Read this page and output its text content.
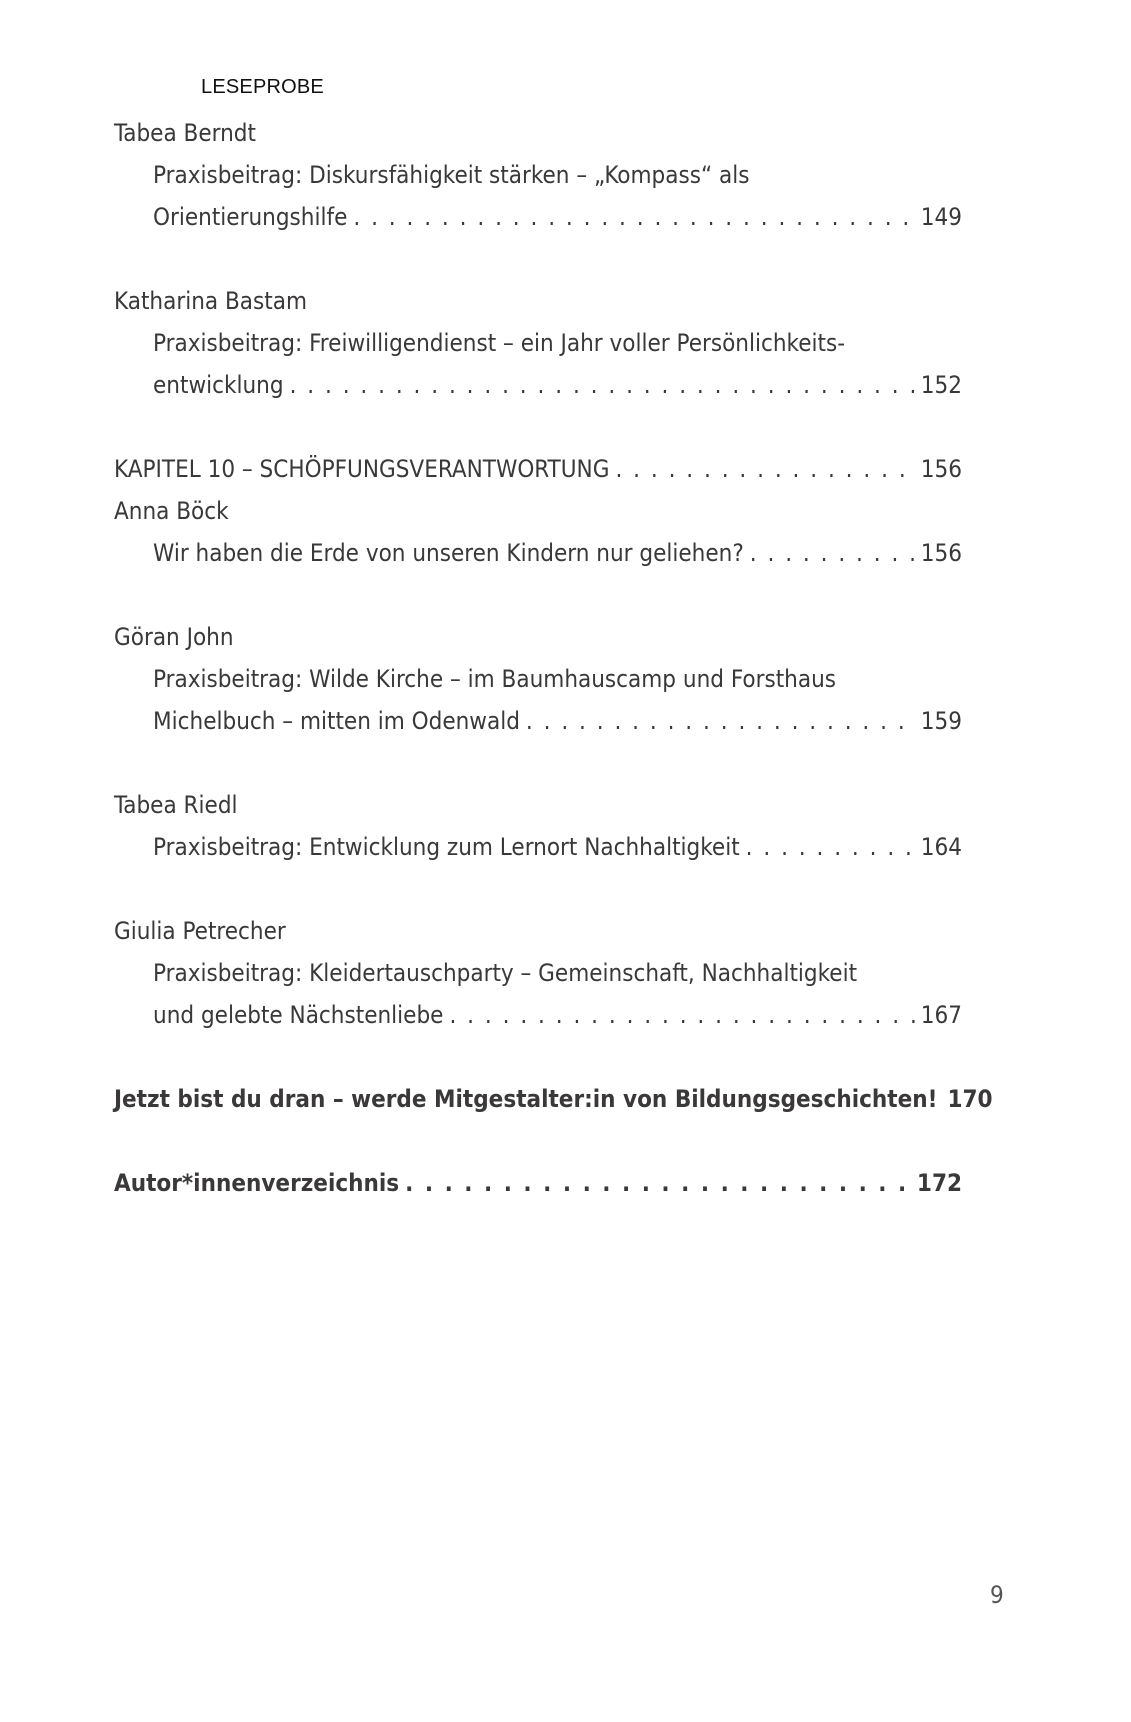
LESEPROBE
Tabea Berndt
Praxisbeitrag: Diskursfähigkeit stärken – „Kompass“ als
Orientierungshilfe . . .	149
Katharina Bastam
Praxisbeitrag: Freiwilligendienst – ein Jahr voller Persönlichkeits-
entwicklung . . .	152
KAPITEL 10 – SCHÖPFUNGSVERANTWORTUNG . . .	156
Anna Böck
Wir haben die Erde von unseren Kindern nur geliehen? . . .	156
Göran John
Praxisbeitrag: Wilde Kirche – im Baumhauscamp und Forsthaus
Michelbuch – mitten im Odenwald . . .	159
Tabea Riedl
Praxisbeitrag: Entwicklung zum Lernort Nachhaltigkeit . . .	164
Giulia Petrecher
Praxisbeitrag: Kleidertauschparty – Gemeinschaft, Nachhaltigkeit
und gelebte Nächstenliebe . . .	167
Jetzt bist du dran – werde Mitgestalter:in von Bildungsgeschichten! 170
Autor*innenverzeichnis . . .	172
9
